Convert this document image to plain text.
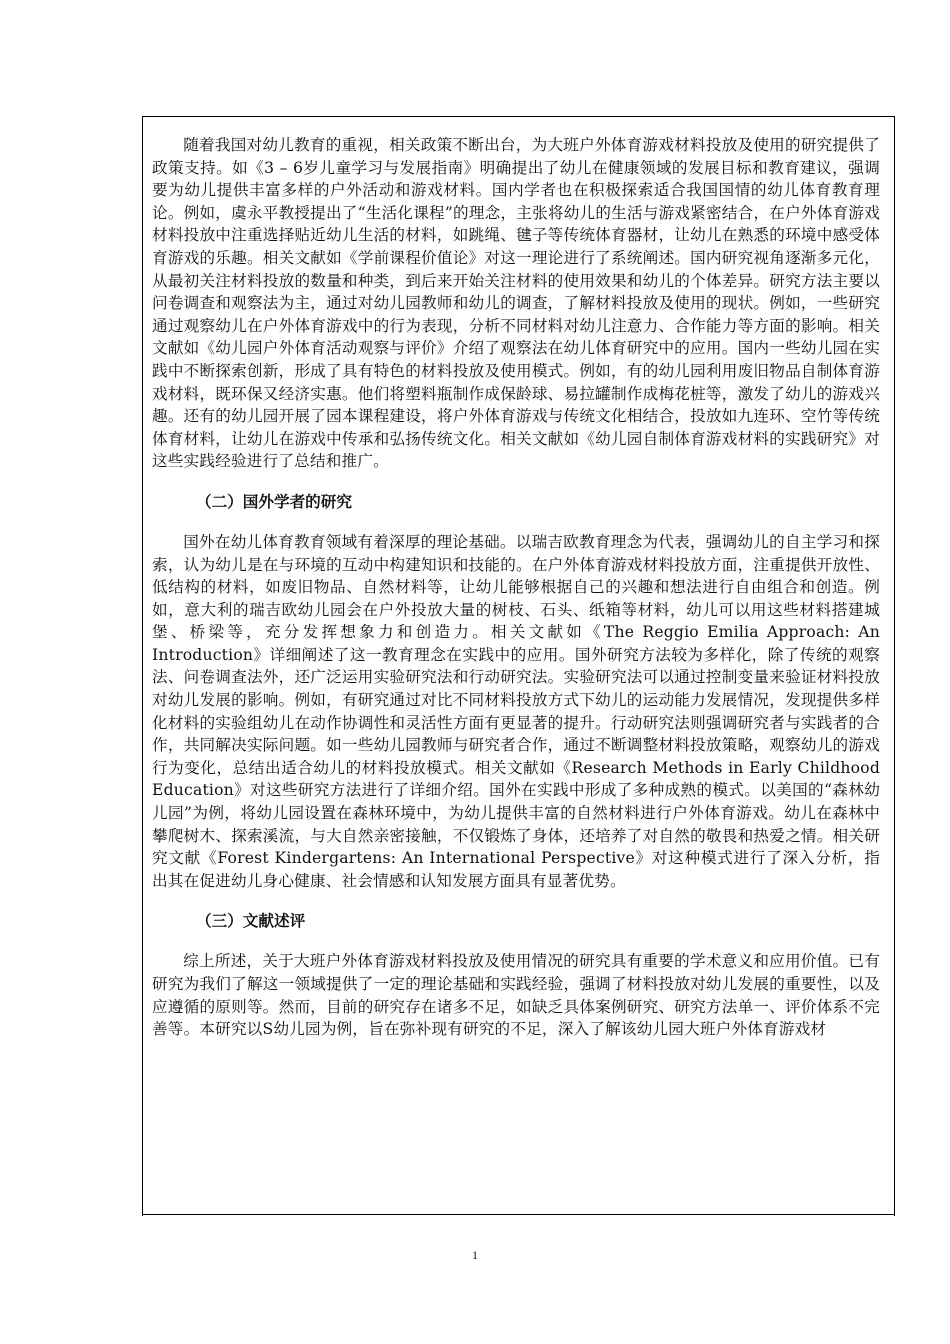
随着我国对幼儿教育的重视，相关政策不断出台，为大班户外体育游戏材料投放及使用的研究提供了政策支持。如《3 – 6岁儿童学习与发展指南》明确提出了幼儿在健康领域的发展目标和教育建议，强调要为幼儿提供丰富多样的户外活动和游戏材料。国内学者也在积极探索适合我国国情的幼儿体育教育理论。例如，虞永平教授提出了“生活化课程”的理念，主张将幼儿的生活与游戏紧密结合，在户外体育游戏材料投放中注重选择贴近幼儿生活的材料，如跳绳、毽子等传统体育器材，让幼儿在熟悉的环境中感受体育游戏的乐趣。相关文献如《学前课程价值论》对这一理论进行了系统阐述。国内研究视角逐渐多元化，从最初关注材料投放的数量和种类，到后来开始关注材料的使用效果和幼儿的个体差异。研究方法主要以问卷调查和观察法为主，通过对幼儿园教师和幼儿的调查，了解材料投放及使用的现状。例如，一些研究通过观察幼儿在户外体育游戏中的行为表现，分析不同材料对幼儿注意力、合作能力等方面的影响。相关文献如《幼儿园户外体育活动观察与评价》介绍了观察法在幼儿体育研究中的应用。国内一些幼儿园在实践中不断探索创新，形成了具有特色的材料投放及使用模式。例如，有的幼儿园利用废旧物品自制体育游戏材料，既环保又经济实惠。他们将塑料瓶制作成保龄球、易拉罐制作成梅花桩等，激发了幼儿的游戏兴趣。还有的幼儿园开展了园本课程建设，将户外体育游戏与传统文化相结合，投放如九连环、空竹等传统体育材料，让幼儿在游戏中传承和弘扬传统文化。相关文献如《幼儿园自制体育游戏材料的实践研究》对这些实践经验进行了总结和推广。

（二）国外学者的研究

国外在幼儿体育教育领域有着深厚的理论基础。以瑞吉欧教育理念为代表，强调幼儿的自主学习和探索，认为幼儿是在与环境的互动中构建知识和技能的。在户外体育游戏材料投放方面，注重提供开放性、低结构的材料，如废旧物品、自然材料等，让幼儿能够根据自己的兴趣和想法进行自由组合和创造。例如，意大利的瑞吉欧幼儿园会在户外投放大量的树枝、石头、纸箱等材料，幼儿可以用这些材料搭建城堡、桥梁等，充分发挥想象力和创造力。相关文献如《The Reggio Emilia Approach: An Introduction》详细阐述了这一教育理念在实践中的应用。国外研究方法较为多样化，除了传统的观察法、问卷调查法外，还广泛运用实验研究法和行动研究法。实验研究法可以通过控制变量来验证材料投放对幼儿发展的影响。例如，有研究通过对比不同材料投放方式下幼儿的运动能力发展情况，发现提供多样化材料的实验组幼儿在动作协调性和灵活性方面有更显著的提升。行动研究法则强调研究者与实践者的合作，共同解决实际问题。如一些幼儿园教师与研究者合作，通过不断调整材料投放策略，观察幼儿的游戏行为变化，总结出适合幼儿的材料投放模式。相关文献如《Research Methods in Early Childhood Education》对这些研究方法进行了详细介绍。国外在实践中形成了多种成熟的模式。以美国的“森林幼儿园”为例，将幼儿园设置在森林环境中，为幼儿提供丰富的自然材料进行户外体育游戏。幼儿在森林中攀爬树木、探索溪流，与大自然亲密接触，不仅锻炼了身体，还培养了对自然的敬畏和热爱之情。相关研究文献《Forest Kindergartens: An International Perspective》对这种模式进行了深入分析，指出其在促进幼儿身心健康、社会情感和认知发展方面具有显著优势。

（三）文献述评

综上所述，关于大班户外体育游戏材料投放及使用情况的研究具有重要的学术意义和应用价值。已有研究为我们了解这一领域提供了一定的理论基础和实践经验，强调了材料投放对幼儿发展的重要性，以及应遵循的原则等。然而，目前的研究存在诸多不足，如缺乏具体案例研究、研究方法单一、评价体系不完善等。本研究以S幼儿园为例，旨在弥补现有研究的不足，深入了解该幼儿园大班户外体育游戏材

1
